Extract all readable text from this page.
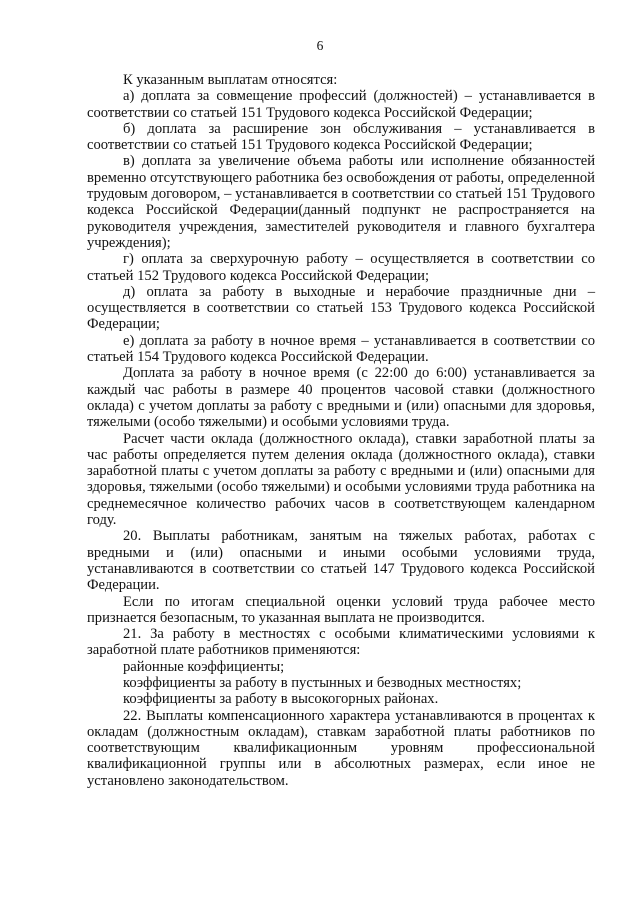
6

К указанным выплатам относятся:

а) доплата за совмещение профессий (должностей) – устанавливается в соответствии со статьей 151 Трудового кодекса Российской Федерации;

б) доплата за расширение зон обслуживания – устанавливается в соответствии со статьей 151 Трудового кодекса Российской Федерации;

в) доплата за увеличение объема работы или исполнение обязанностей временно отсутствующего работника без освобождения от работы, определенной трудовым договором, – устанавливается в соответствии со статьей 151 Трудового кодекса Российской Федерации(данный подпункт не распространяется на руководителя учреждения, заместителей руководителя и главного бухгалтера учреждения);

г) оплата за сверхурочную работу – осуществляется в соответствии со статьей 152 Трудового кодекса Российской Федерации;

д) оплата за работу в выходные и нерабочие праздничные дни – осуществляется в соответствии со статьей 153 Трудового кодекса Российской Федерации;

е) доплата за работу в ночное время – устанавливается в соответствии со статьей 154 Трудового кодекса Российской Федерации.

Доплата за работу в ночное время (с 22:00 до 6:00) устанавливается за каждый час работы в размере 40 процентов часовой ставки (должностного оклада) с учетом доплаты за работу с вредными и (или) опасными для здоровья, тяжелыми (особо тяжелыми) и особыми условиями труда.

Расчет части оклада (должностного оклада), ставки заработной платы за час работы определяется путем деления оклада (должностного оклада), ставки заработной платы с учетом доплаты за работу с вредными и (или) опасными для здоровья, тяжелыми (особо тяжелыми) и особыми условиями труда работника на среднемесячное количество рабочих часов в соответствующем календарном году.

20. Выплаты работникам, занятым на тяжелых работах, работах с вредными и (или) опасными и иными особыми условиями труда, устанавливаются в соответствии со статьей 147 Трудового кодекса Российской Федерации.

Если по итогам специальной оценки условий труда рабочее место признается безопасным, то указанная выплата не производится.

21. За работу в местностях с особыми климатическими условиями к заработной плате работников применяются:

районные коэффициенты;

коэффициенты за работу в пустынных и безводных местностях;

коэффициенты за работу в высокогорных районах.

22. Выплаты компенсационного характера устанавливаются в процентах к окладам (должностным окладам), ставкам заработной платы работников по соответствующим квалификационным уровням профессиональной квалификационной группы или в абсолютных размерах, если иное не установлено законодательством.
